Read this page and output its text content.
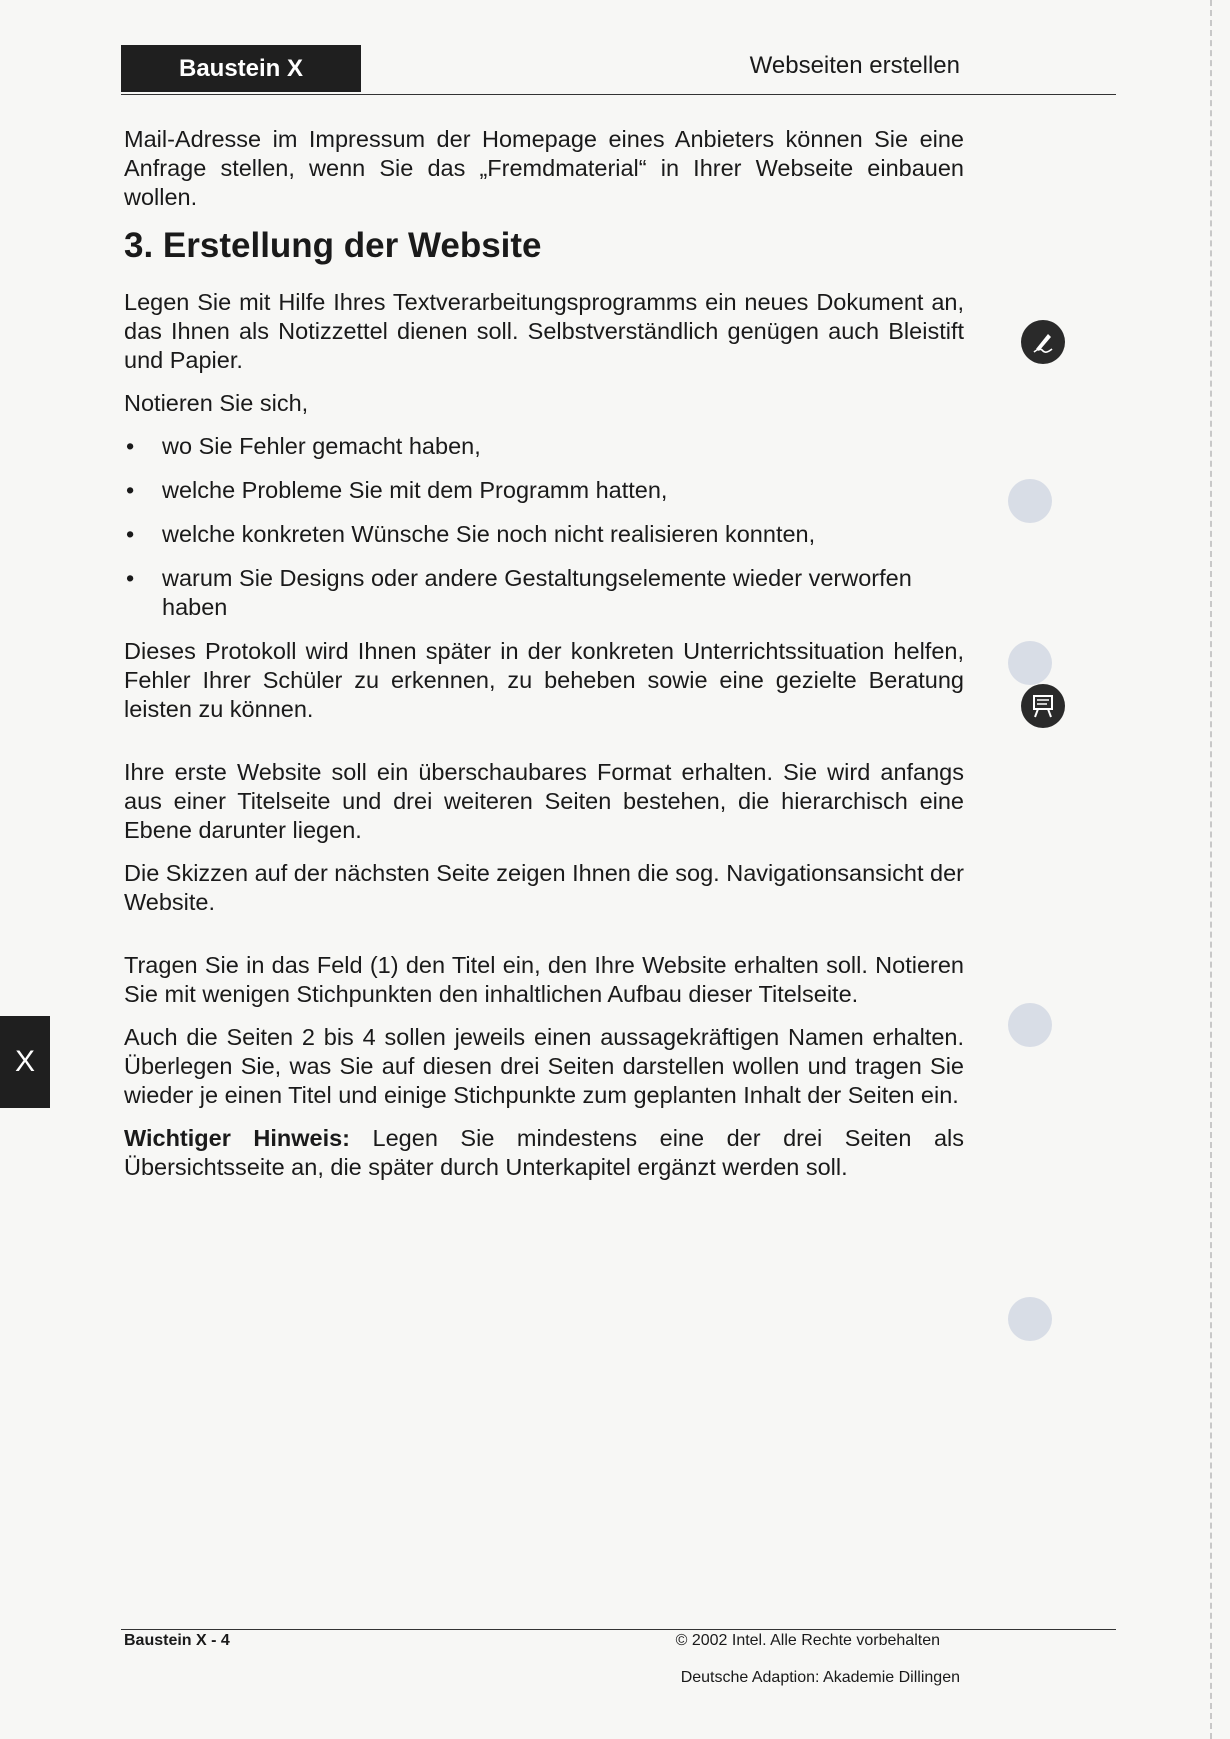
Baustein X	Webseiten erstellen

Mail-Adresse im Impressum der Homepage eines Anbieters können Sie eine Anfrage stellen, wenn Sie das „Fremdmaterial“ in Ihrer Webseite einbauen wollen.

3. Erstellung der Website

Legen Sie mit Hilfe Ihres Textverarbeitungsprogramms ein neues Dokument an, das Ihnen als Notizzettel dienen soll. Selbstverständlich genügen auch Bleistift und Papier.

Notieren Sie sich,

• wo Sie Fehler gemacht haben,
• welche Probleme Sie mit dem Programm hatten,
• welche konkreten Wünsche Sie noch nicht realisieren konnten,
• warum Sie Designs oder andere Gestaltungselemente wieder verworfen haben

Dieses Protokoll wird Ihnen später in der konkreten Unterrichtssituation helfen, Fehler Ihrer Schüler zu erkennen, zu beheben sowie eine gezielte Beratung leisten zu können.

Ihre erste Website soll ein überschaubares Format erhalten. Sie wird anfangs aus einer Titelseite und drei weiteren Seiten bestehen, die hierarchisch eine Ebene darunter liegen.

Die Skizzen auf der nächsten Seite zeigen Ihnen die sog. Navigationsansicht der Website.

Tragen Sie in das Feld (1) den Titel ein, den Ihre Website erhalten soll. Notieren Sie mit wenigen Stichpunkten den inhaltlichen Aufbau dieser Titelseite.

Auch die Seiten 2 bis 4 sollen jeweils einen aussagekräftigen Namen erhalten. Überlegen Sie, was Sie auf diesen drei Seiten darstellen wollen und tragen Sie wieder je einen Titel und einige Stichpunkte zum geplanten Inhalt der Seiten ein.

Wichtiger Hinweis: Legen Sie mindestens eine der drei Seiten als Übersichtsseite an, die später durch Unterkapitel ergänzt werden soll.

X
Baustein X - 4	© 2002 Intel. Alle Rechte vorbehalten
Deutsche Adaption: Akademie Dillingen
